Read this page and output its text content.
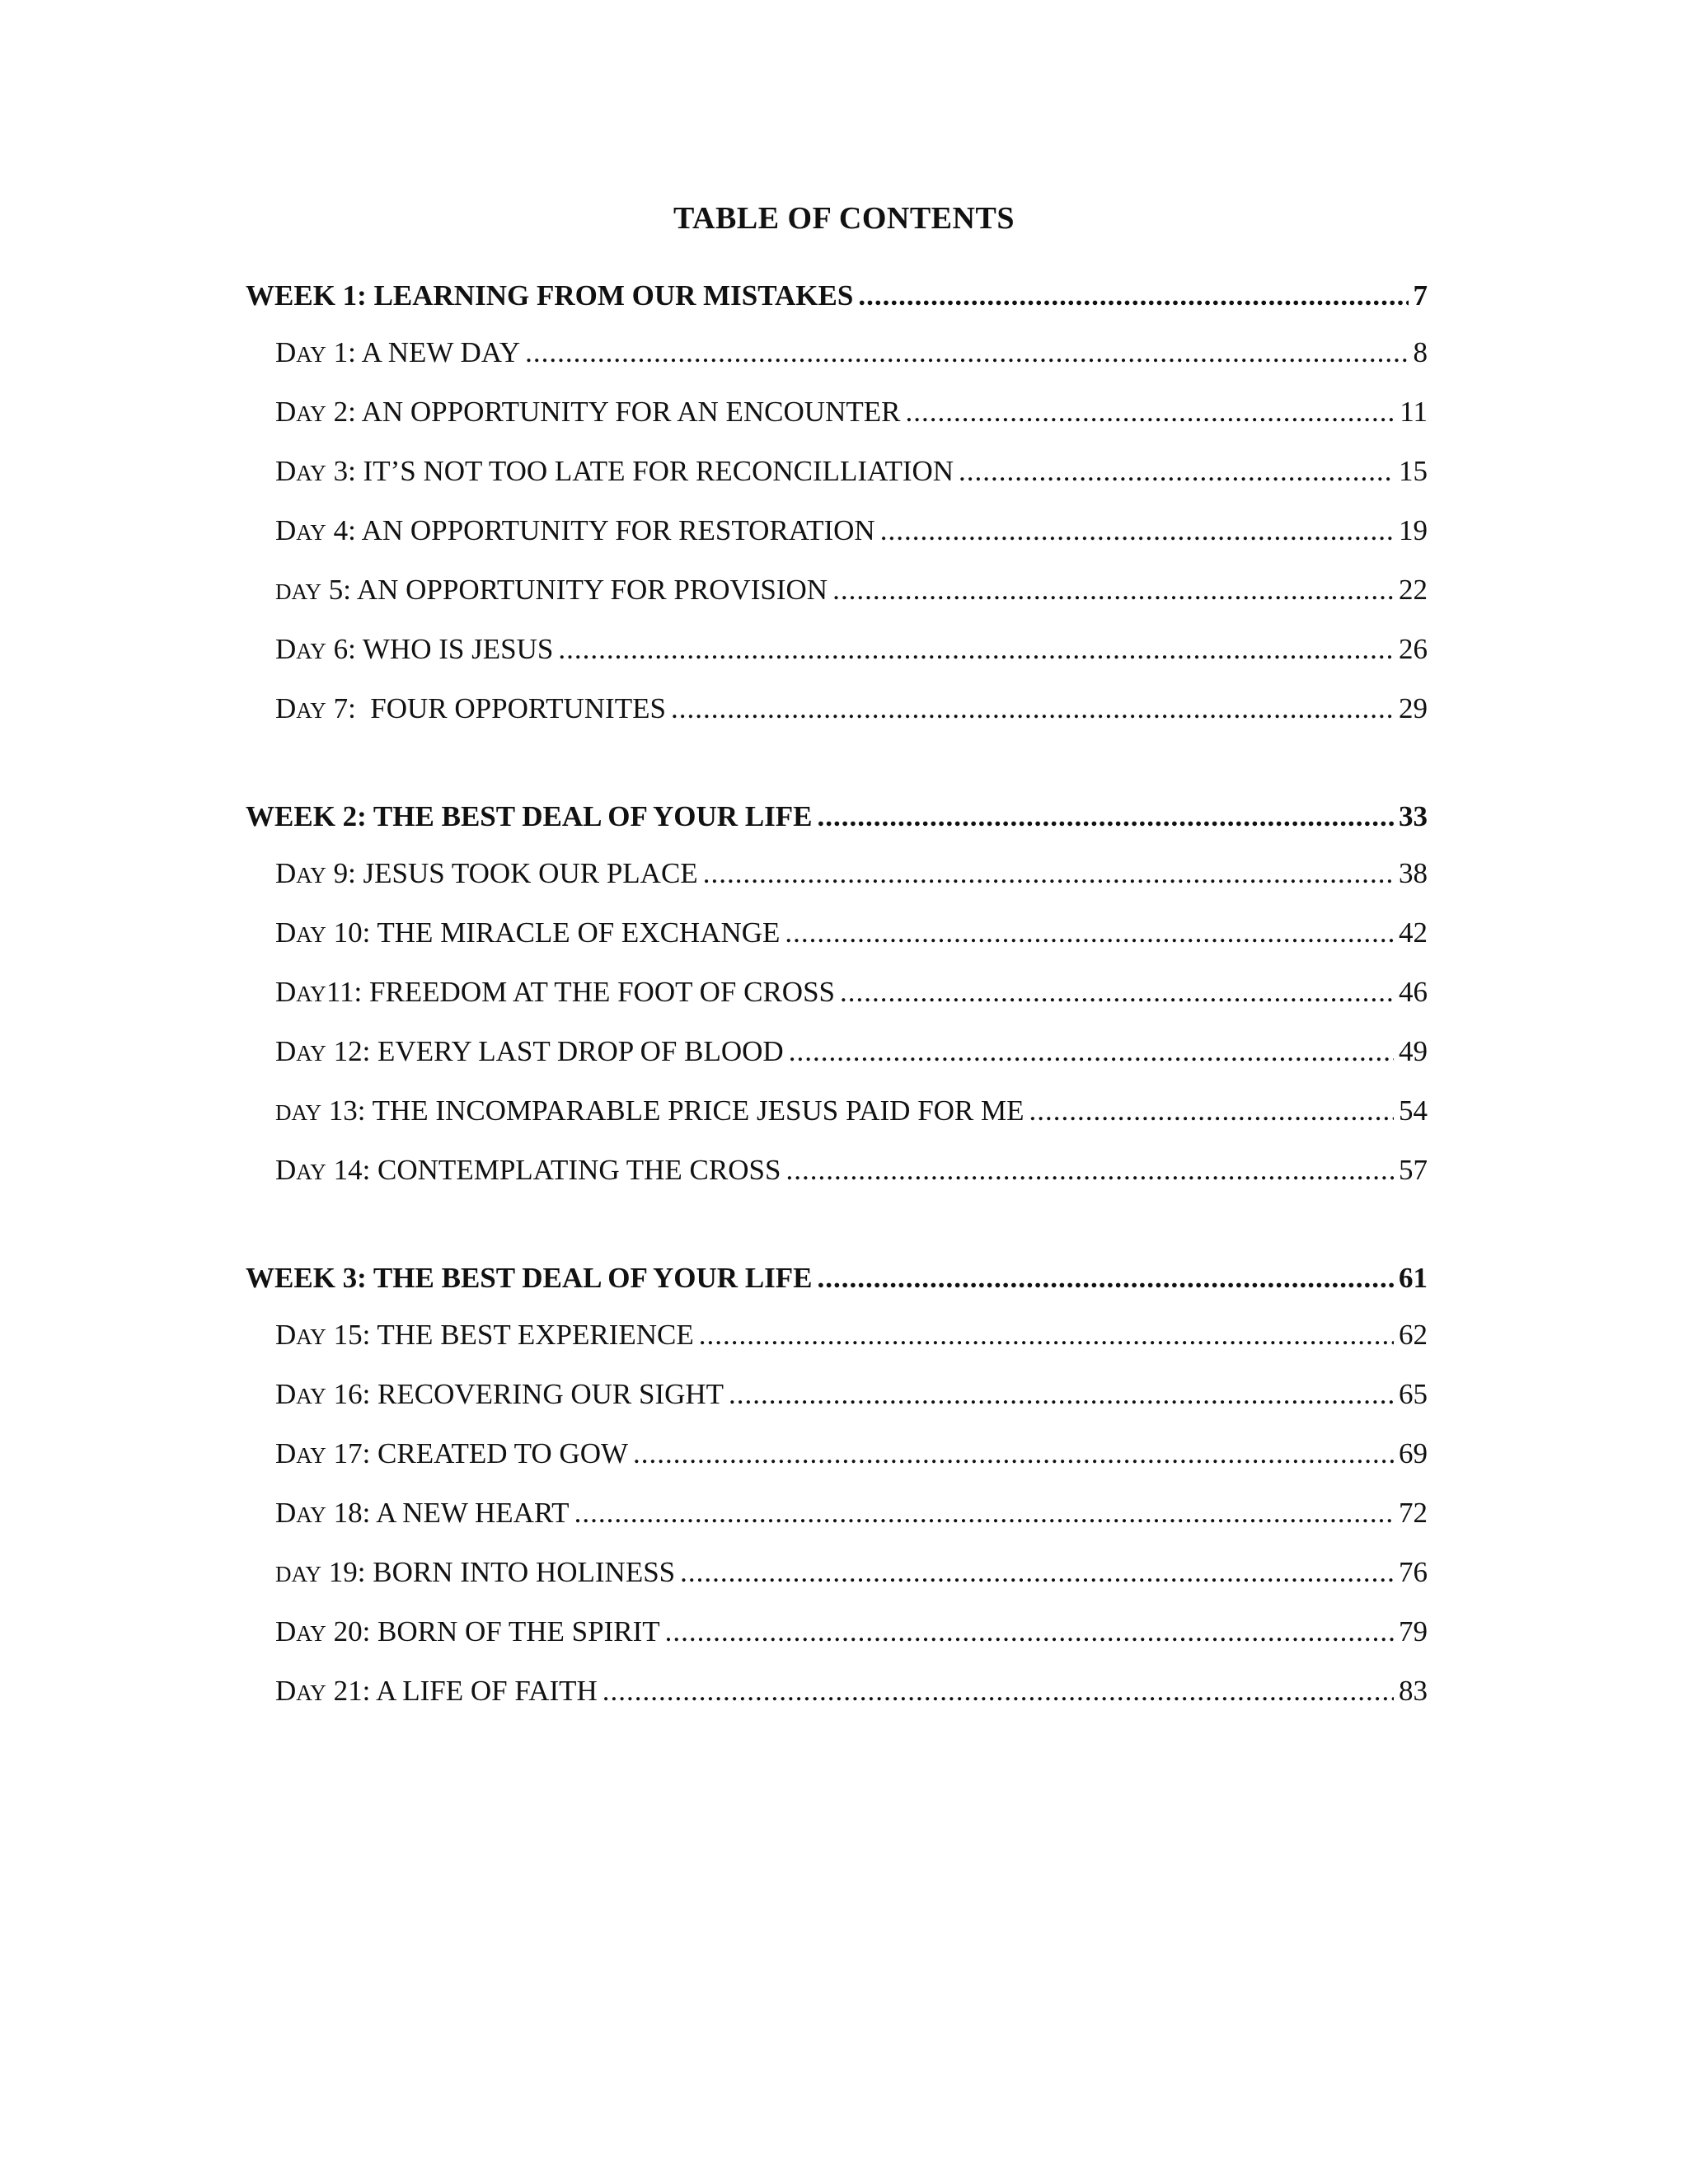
TABLE OF CONTENTS
WEEK 1: LEARNING FROM OUR MISTAKES .....	7
DAY 1: A NEW DAY .....	8
DAY 2: AN OPPORTUNITY FOR AN ENCOUNTER .....	11
DAY 3: IT’S NOT TOO LATE FOR RECONCILLIATION .....	15
DAY 4: AN OPPORTUNITY FOR RESTORATION .....	19
DAY 5: AN OPPORTUNITY FOR PROVISION .....	22
DAY 6: WHO IS JESUS .....	26
DAY 7:  FOUR OPPORTUNITES .....	29
WEEK 2: THE BEST DEAL OF YOUR LIFE .....	33
DAY 9: JESUS TOOK OUR PLACE .....	38
DAY 10: THE MIRACLE OF EXCHANGE .....	42
DAY11: FREEDOM AT THE FOOT OF CROSS .....	46
DAY 12: EVERY LAST DROP OF BLOOD .....	49
DAY 13: THE INCOMPARABLE PRICE JESUS PAID FOR ME .....	54
DAY 14: CONTEMPLATING THE CROSS .....	57
WEEK 3: THE BEST DEAL OF YOUR LIFE .....	61
DAY 15: THE BEST EXPERIENCE .....	62
DAY 16: RECOVERING OUR SIGHT .....	65
DAY 17: CREATED TO GOW .....	69
DAY 18: A NEW HEART .....	72
DAY 19: BORN INTO HOLINESS .....	76
DAY 20: BORN OF THE SPIRIT .....	79
DAY 21: A LIFE OF FAITH .....	83
